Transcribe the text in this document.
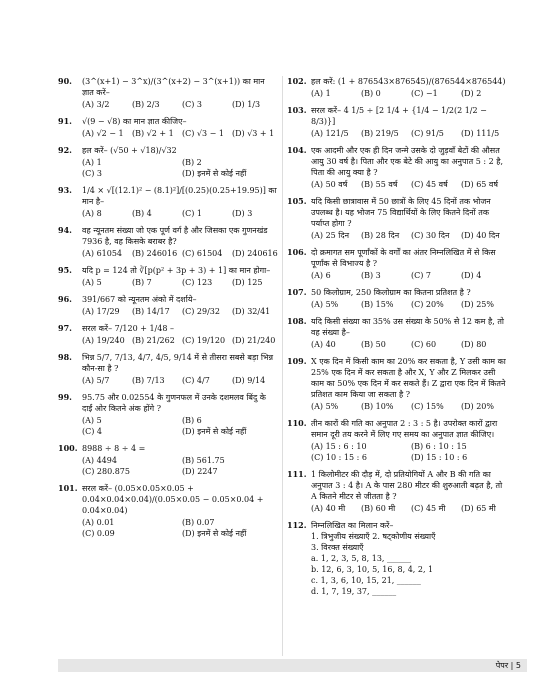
90.	(3^(x+1) − 3^x)/(3^(x+2) − 3^(x+1)) का मान ज्ञात करें–
(A) 3/2	(B) 2/3	(C) 3	(D) 1/3
91.	√(9 − √8) का मान ज्ञात कीजिए–
(A) √2 − 1	(B) √2 + 1	(C) √3 − 1	(D) √3 + 1
92.	हल करें– (√50 + √18)/√32
(A) 1	(B) 2
(C) 3	(D) इनमें से कोई नहीं
93.	1/4 × √[(12.1)² − (8.1)²]/[(0.25)(0.25+19.95)] का मान है–
(A) 8	(B) 4	(C) 1	(D) 3
94.	वह न्यूनतम संख्या जो एक पूर्ण वर्ग है और जिसका एक गुणनखंड 7936 है, वह किसके बराबर है?
(A) 61054	(B) 246016 (C) 61504	(D) 240616
95.	यदि p = 124 तो ∛[p(p² + 3p + 3) + 1] का मान होगा–
(A) 5	(B) 7	(C) 123	(D) 125
96.	391/667 को न्यूनतम अंको में दर्शाये–
(A) 17/29	(B) 14/17	(C) 29/32	(D) 32/41
97.	सरल करें– 7/120 + 1/48 –
(A) 19/240 (B) 21/262 (C) 19/120 (D) 21/240
98.	भिन्न 5/7, 7/13, 4/7, 4/5, 9/14 में से तीसरा सबसे बड़ा भिन्न कौन-सा है ?
(A) 5/7	(B) 7/13	(C) 4/7	(D) 9/14
99.	95.75 और 0.02554 के गुणनफल में उनके दशमलव बिंदु के दाईं ओर कितने अंक होंगे ?
(A) 5	(B) 6
(C) 4	(D) इनमें से कोई नहीं
100. 8988 ÷ 8 ÷ 4 =
(A) 4494	(B) 561.75
(C) 280.875	(D) 2247
101. सरल करें– (0.05×0.05×0.05 + 0.04×0.04×0.04)/(0.05×0.05 − 0.05×0.04 + 0.04×0.04)
(A) 0.01	(B) 0.07
(C) 0.09	(D) इनमें से कोई नहीं
102. हल करें: (1 + 876543×876545)/(876544×876544)
(A) 1	(B) 0	(C) −1	(D) 2
103. सरल करें– 4 1/5 ÷ [2 1/4 + {1/4 − 1/2(2 1/2 − 8/3)}]
(A) 121/5	(B) 219/5	(C) 91/5	(D) 111/5
104. एक आदमी और एक ही दिन जन्मे उसके दो जुड़वाँ बेटों की औसत आयु 30 वर्ष है। पिता और एक बेटे की आयु का अनुपात 5 : 2 है, पिता की आयु क्या है ?
(A) 50 वर्ष	(B) 55 वर्ष	(C) 45 वर्ष	(D) 65 वर्ष
105. यदि किसी छात्रावास में 50 छात्रों के लिए 45 दिनों तक भोजन उपलब्ध है। यह भोजन 75 विद्यार्थियों के लिए कितने दिनों तक पर्याप्त होगा ?
(A) 25 दिन	(B) 28 दिन	(C) 30 दिन	(D) 40 दिन
106. दो क्रमागत सम पूर्णांकों के वर्गों का अंतर निम्नलिखित में से किस पूर्णांक से विभाज्य है ?
(A) 6	(B) 3	(C) 7	(D) 4
107. 50 किलोग्राम, 250 किलोग्राम का कितना प्रतिशत है ?
(A) 5%	(B) 15%	(C) 20%	(D) 25%
108. यदि किसी संख्या का 35% उस संख्या के 50% से 12 कम है, तो वह संख्या है–
(A) 40	(B) 50	(C) 60	(D) 80
109. X एक दिन में किसी काम का 20% कर सकता है, Y उसी काम का 25% एक दिन में कर सकता है और X, Y और Z मिलकर उसी काम का 50% एक दिन में कर सकते हैं। Z द्वारा एक दिन में कितने प्रतिशत काम किया जा सकता है ?
(A) 5%	(B) 10%	(C) 15%	(D) 20%
110. तीन कारों की गति का अनुपात 2 : 3 : 5 है। उपरोक्त कारों द्वारा समान दूरी तय करने में लिए गए समय का अनुपात ज्ञात कीजिए।
(A) 15 : 6 : 10	(B) 6 : 10 : 15
(C) 10 : 15 : 6	(D) 15 : 10 : 6
111. 1 किलोमीटर की दौड़ में, दो प्रतियोगियों A और B की गति का अनुपात 3 : 4 है। A के पास 280 मीटर की शुरुआती बढ़त है, तो A कितने मीटर से जीतता है ?
(A) 40 मी	(B) 60 मी	(C) 45 मी	(D) 65 मी
112. निम्नलिखित का मिलान करें–
1. त्रिभुजीय संख्याएँ 2. षट्कोणीय संख्याएँ
3. विरक्त संख्याएँ
a. 1, 2, 3, 5, 8, 13, ______
b. 12, 6, 3, 10, 5, 16, 8, 4, 2, 1
c. 1, 3, 6, 10, 15, 21, ______
d. 1, 7, 19, 37, ______
पेपर | 5
